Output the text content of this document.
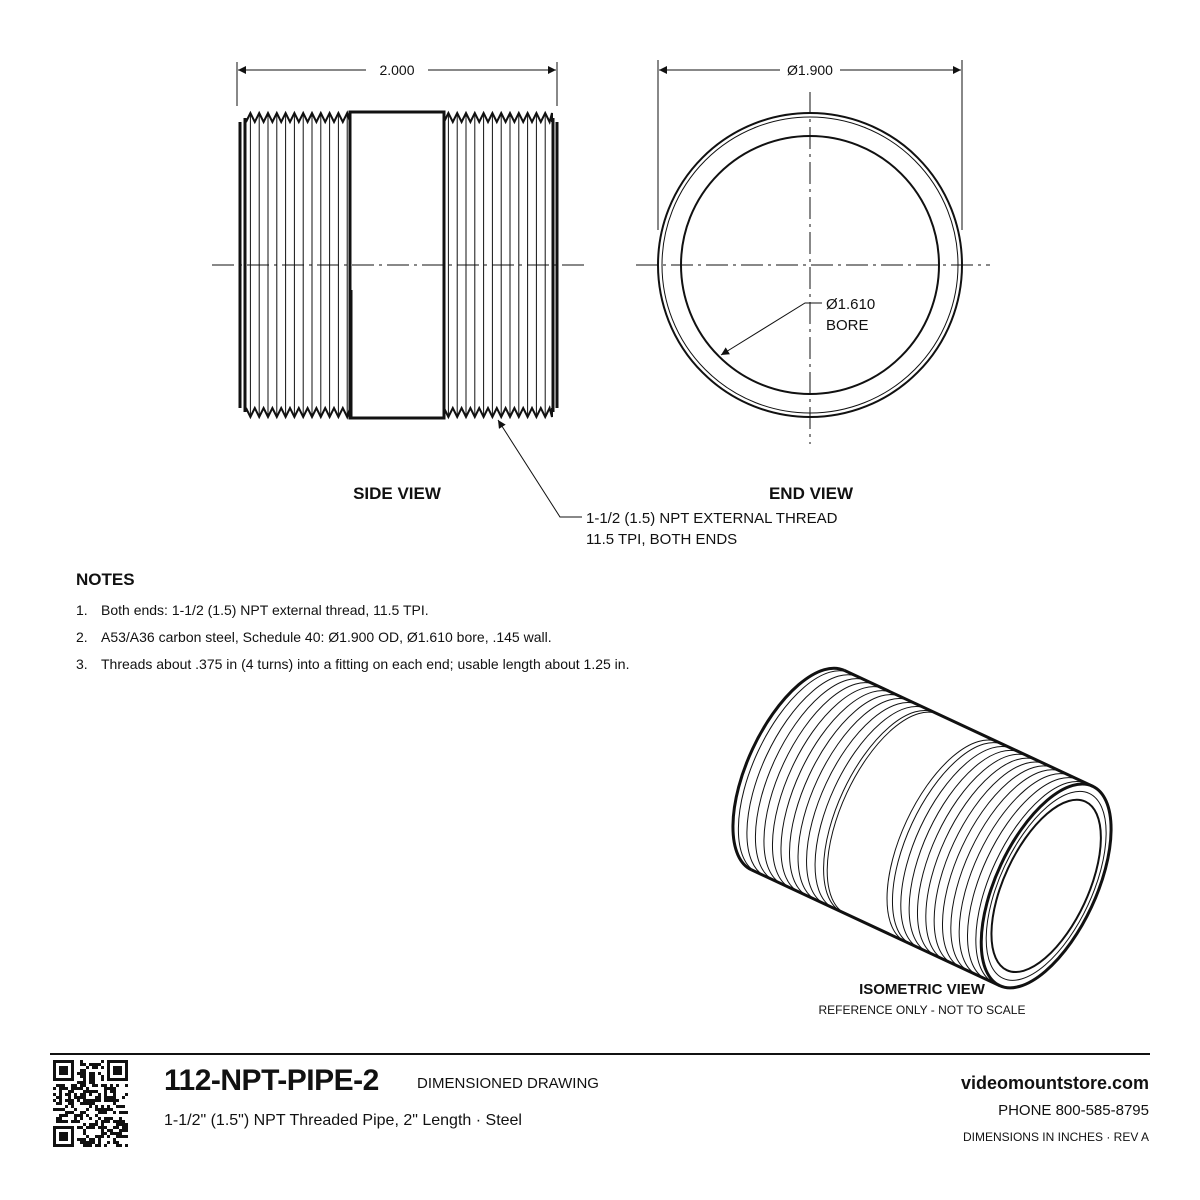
2.000
SIDE VIEW
1-1/2 (1.5) NPT EXTERNAL THREAD
11.5 TPI, BOTH ENDS
Ø1.900
Ø1.610
BORE
END VIEW
ISOMETRIC VIEW
REFERENCE ONLY - NOT TO SCALE
NOTES
1. Both ends: 1-1/2 (1.5) NPT external thread, 11.5 TPI.
2. A53/A36 carbon steel, Schedule 40: Ø1.900 OD, Ø1.610 bore, .145 wall.
3. Threads about .375 in (4 turns) into a fitting on each end; usable length about 1.25 in.
112-NPT-PIPE-2	DIMENSIONED DRAWING
1-1/2" (1.5") NPT Threaded Pipe, 2" Length · Steel
videomountstore.com
PHONE 800-585-8795
DIMENSIONS IN INCHES · REV A
